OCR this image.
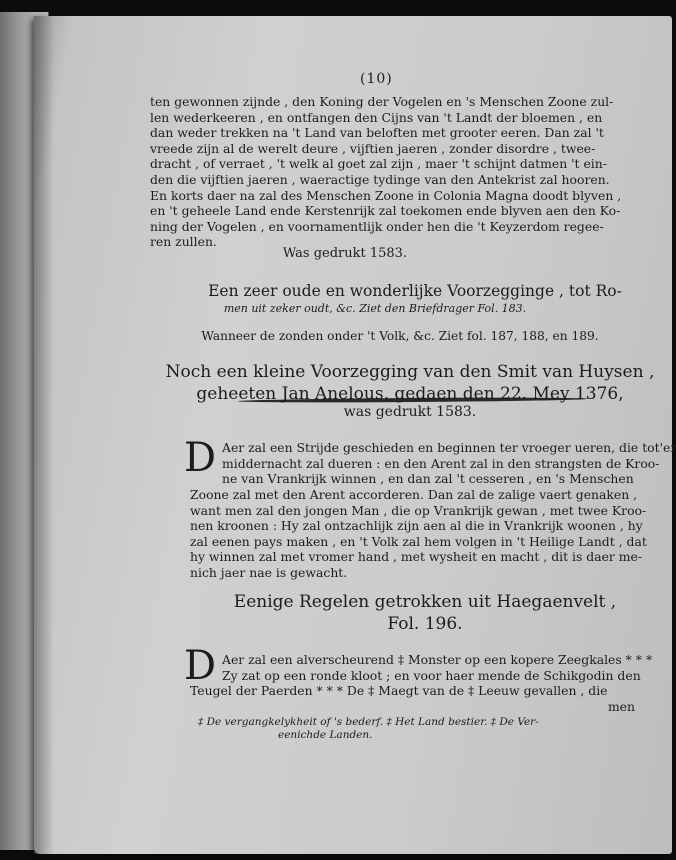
(10)
ten gewonnen zijnde , den Koning der Vogelen en 's Menschen Zoone zul-
len wederkeeren , en ontfangen den Cijns van 't Landt der bloemen , en
dan weder trekken na 't Land van beloften met grooter eeren. Dan zal 't
vreede zijn al de werelt deure , vijftien jaeren , zonder disordre , twee-
dracht , of verraet , 't welk al goet zal zijn , maer 't schijnt datmen 't ein-
den die vijftien jaeren , waeractige tydinge van den Antekrist zal hooren.
En korts daer na zal des Menschen Zoone in Colonia Magna doodt blyven ,
en 't geheele Land ende Kerstenrijk zal toekomen ende blyven aen den Ko-
ning der Vogelen , en voornamentlijk onder hen die 't Keyzerdom regee-
ren zullen.
Was gedrukt 1583.
Een zeer oude en wonderlijke Voorzegginge , tot Ro-
men uit zeker oudt, &c. Ziet den Briefdrager Fol. 183.
Wanneer de zonden onder 't Volk, &c. Ziet fol. 187, 188, en 189.
Noch een kleine Voorzegging van den Smit van Huysen ,
geheeten Jan Anelous, gedaen den 22. Mey 1376,
was gedrukt 1583.
D Aer zal een Strijde geschieden en beginnen ter vroeger ueren, die tot'er
middernacht zal dueren : en den Arent zal in den strangsten de Kroo-
ne van Vrankrijk winnen , en dan zal 't cesseren , en 's Menschen
Zoone zal met den Arent accorderen. Dan zal de zalige vaert genaken ,
want men zal den jongen Man , die op Vrankrijk gewan , met twee Kroo-
nen kroonen : Hy zal ontzachlijk zijn aen al die in Vrankrijk woonen , hy
zal eenen pays maken , en 't Volk zal hem volgen in 't Heilige Landt , dat
hy winnen zal met vromer hand , met wysheit en macht , dit is daer me-
nich jaer nae is gewacht.
Eenige Regelen getrokken uit Haegaenvelt ,
Fol. 196.
D Aer zal een alverscheurend ‡ Monster op een kopere Zeegkales * * *
Zy zat op een ronde kloot ; en voor haer mende de Schikgodin den
Teugel der Paerden * * * De ‡ Maegt van de ‡ Leeuw gevallen , die
men
‡ De vergangkelykheit of 's bederf. ‡ Het Land bestier. ‡ De Ver-
eenichde Landen.
